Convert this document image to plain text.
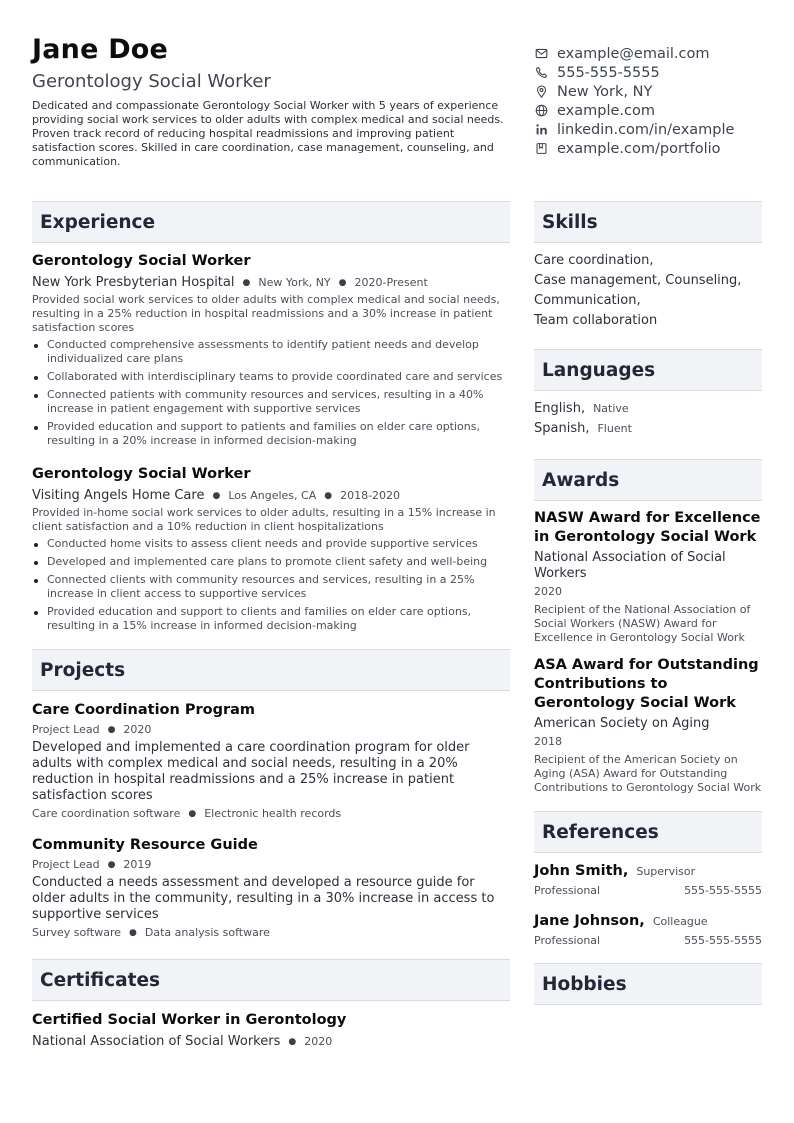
Jane Doe
Gerontology Social Worker
Dedicated and compassionate Gerontology Social Worker with 5 years of experience providing social work services to older adults with complex medical and social needs. Proven track record of reducing hospital readmissions and improving patient satisfaction scores. Skilled in care coordination, case management, counseling, and communication.
example@email.com
555-555-5555
New York, NY
example.com
linkedin.com/in/example
example.com/portfolio
Experience
Gerontology Social Worker
New York Presbyterian Hospital ● New York, NY ● 2020-Present
Provided social work services to older adults with complex medical and social needs, resulting in a 25% reduction in hospital readmissions and a 30% increase in patient satisfaction scores
Conducted comprehensive assessments to identify patient needs and develop individualized care plans
Collaborated with interdisciplinary teams to provide coordinated care and services
Connected patients with community resources and services, resulting in a 40% increase in patient engagement with supportive services
Provided education and support to patients and families on elder care options, resulting in a 20% increase in informed decision-making
Gerontology Social Worker
Visiting Angels Home Care ● Los Angeles, CA ● 2018-2020
Provided in-home social work services to older adults, resulting in a 15% increase in client satisfaction and a 10% reduction in client hospitalizations
Conducted home visits to assess client needs and provide supportive services
Developed and implemented care plans to promote client safety and well-being
Connected clients with community resources and services, resulting in a 25% increase in client access to supportive services
Provided education and support to clients and families on elder care options, resulting in a 15% increase in informed decision-making
Projects
Care Coordination Program
Project Lead ● 2020
Developed and implemented a care coordination program for older adults with complex medical and social needs, resulting in a 20% reduction in hospital readmissions and a 25% increase in patient satisfaction scores
Care coordination software ● Electronic health records
Community Resource Guide
Project Lead ● 2019
Conducted a needs assessment and developed a resource guide for older adults in the community, resulting in a 30% increase in access to supportive services
Survey software ● Data analysis software
Certificates
Certified Social Worker in Gerontology
National Association of Social Workers ● 2020
Skills
Care coordination,
Case management, Counseling,
Communication,
Team collaboration
Languages
English, Native
Spanish, Fluent
Awards
NASW Award for Excellence in Gerontology Social Work
National Association of Social Workers
2020
Recipient of the National Association of Social Workers (NASW) Award for Excellence in Gerontology Social Work
ASA Award for Outstanding Contributions to Gerontology Social Work
American Society on Aging
2018
Recipient of the American Society on Aging (ASA) Award for Outstanding Contributions to Gerontology Social Work
References
John Smith, Supervisor
Professional	555-555-5555
Jane Johnson, Colleague
Professional	555-555-5555
Hobbies
